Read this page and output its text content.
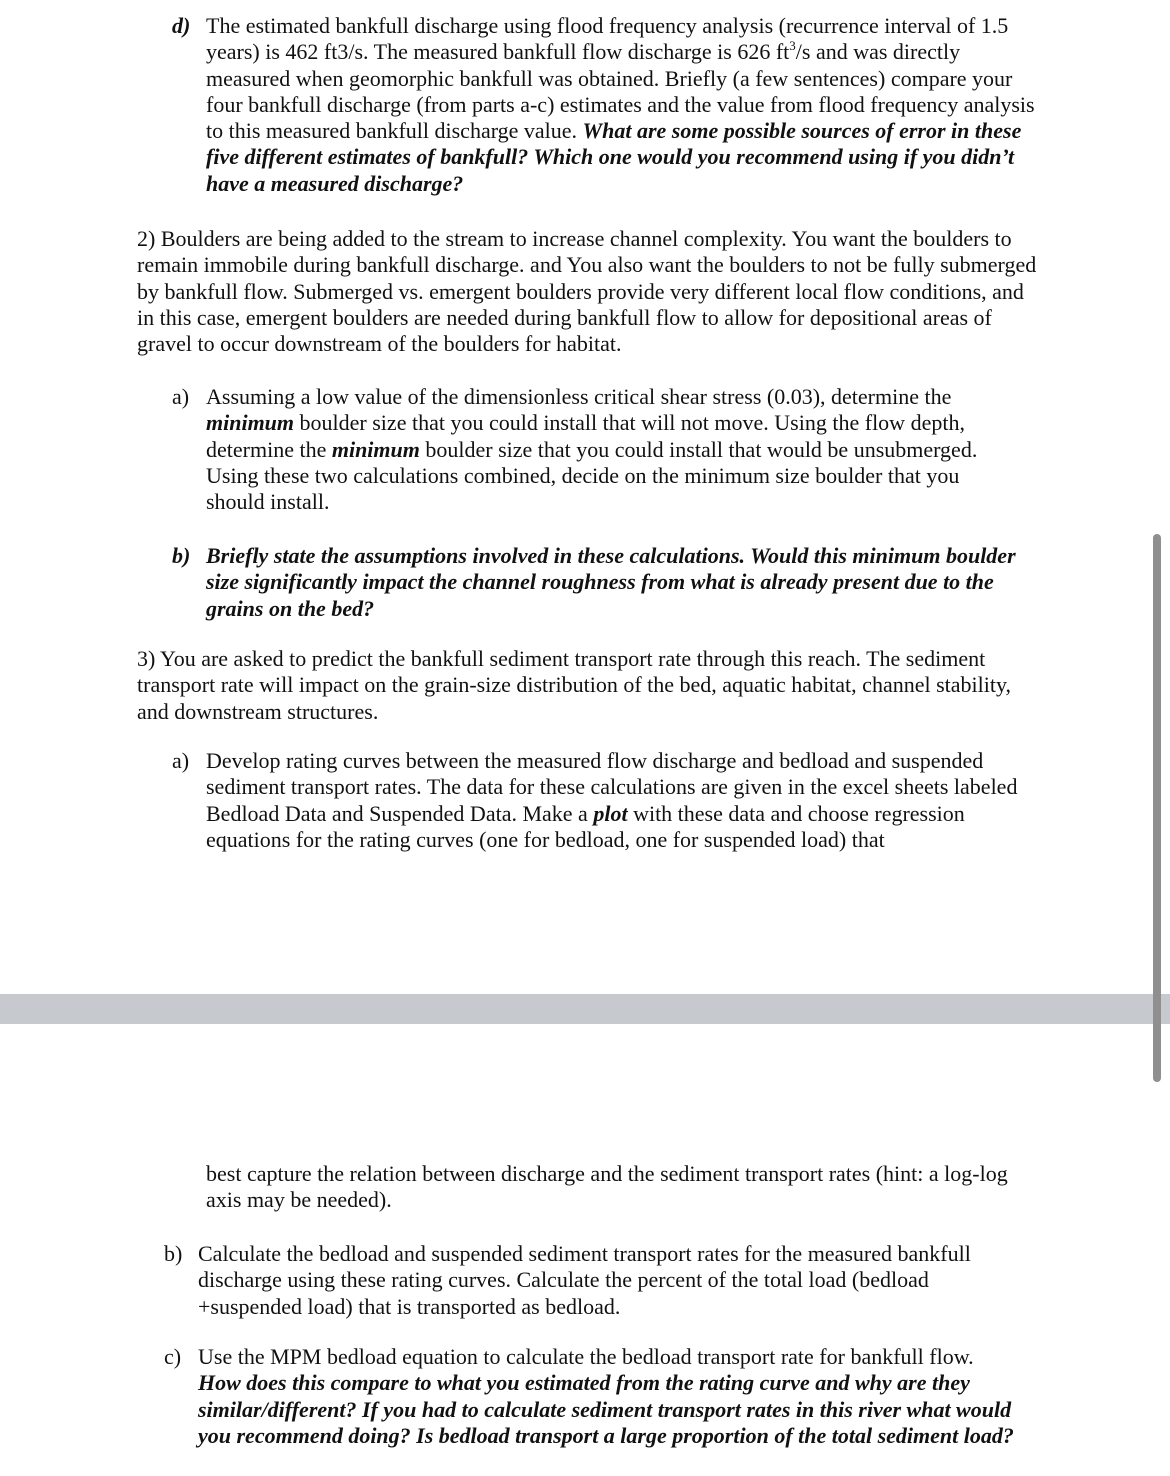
d) The estimated bankfull discharge using flood frequency analysis (recurrence interval of 1.5 years) is 462 ft3/s. The measured bankfull flow discharge is 626 $ft^3/s$ and was directly measured when geomorphic bankfull was obtained. Briefly (a few sentences) compare your four bankfull discharge (from parts a-c) estimates and the value from flood frequency analysis to this measured bankfull discharge value. What are some possible sources of error in these five different estimates of bankfull? Which one would you recommend using if you didn’t have a measured discharge?

2) Boulders are being added to the stream to increase channel complexity. You want the boulders to remain immobile during bankfull discharge. and You also want the boulders to not be fully submerged by bankfull flow. Submerged vs. emergent boulders provide very different local flow conditions, and in this case, emergent boulders are needed during bankfull flow to allow for depositional areas of gravel to occur downstream of the boulders for habitat.

a) Assuming a low value of the dimensionless critical shear stress (0.03), determine the minimum boulder size that you could install that will not move. Using the flow depth, determine the minimum boulder size that you could install that would be unsubmerged. Using these two calculations combined, decide on the minimum size boulder that you should install.

b) Briefly state the assumptions involved in these calculations. Would this minimum boulder size significantly impact the channel roughness from what is already present due to the grains on the bed?

3) You are asked to predict the bankfull sediment transport rate through this reach. The sediment transport rate will impact on the grain-size distribution of the bed, aquatic habitat, channel stability, and downstream structures.

a) Develop rating curves between the measured flow discharge and bedload and suspended sediment transport rates. The data for these calculations are given in the excel sheets labeled Bedload Data and Suspended Data. Make a plot with these data and choose regression equations for the rating curves (one for bedload, one for suspended load) that

best capture the relation between discharge and the sediment transport rates (hint: a log-log axis may be needed).

b) Calculate the bedload and suspended sediment transport rates for the measured bankfull discharge using these rating curves. Calculate the percent of the total load (bedload +suspended load) that is transported as bedload.

c) Use the MPM bedload equation to calculate the bedload transport rate for bankfull flow. How does this compare to what you estimated from the rating curve and why are they similar/different? If you had to calculate sediment transport rates in this river what would you recommend doing? Is bedload transport a large proportion of the total sediment load?
